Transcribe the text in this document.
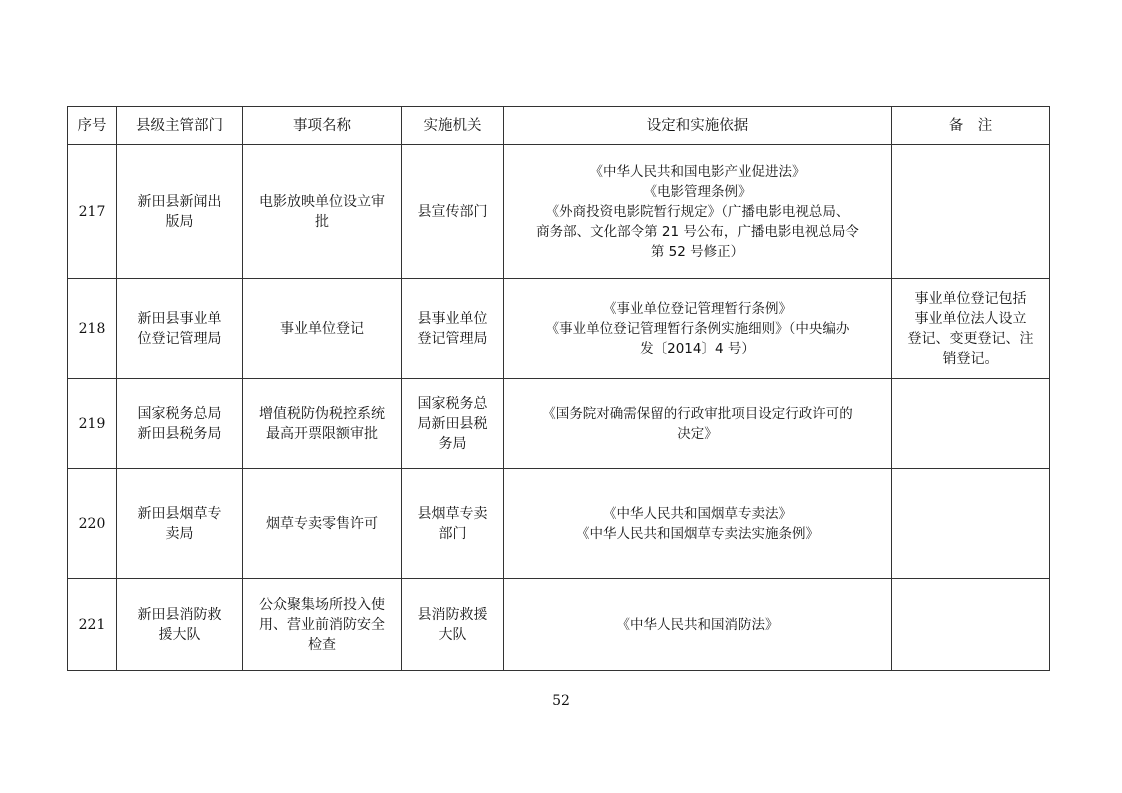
序号	县级主管部门	事项名称	实施机关	设定和实施依据	备　注
217	新田县新闻出
版局	电影放映单位设立审
批	县宣传部门	《中华人民共和国电影产业促进法》
《电影管理条例》
《外商投资电影院暂行规定》（广播电影电视总局、
商务部、文化部令第 21 号公布，广播电影电视总局令
第 52 号修正）	
218	新田县事业单
位登记管理局	事业单位登记	县事业单位
登记管理局	《事业单位登记管理暂行条例》
《事业单位登记管理暂行条例实施细则》（中央编办
发〔2014〕4 号）	事业单位登记包括
事业单位法人设立
登记、变更登记、注
销登记。
219	国家税务总局
新田县税务局	增值税防伪税控系统
最高开票限额审批	国家税务总
局新田县税
务局	《国务院对确需保留的行政审批项目设定行政许可的
决定》	
220	新田县烟草专
卖局	烟草专卖零售许可	县烟草专卖
部门	《中华人民共和国烟草专卖法》
《中华人民共和国烟草专卖法实施条例》	
221	新田县消防救
援大队	公众聚集场所投入使
用、营业前消防安全
检查	县消防救援
大队	《中华人民共和国消防法》	
52
